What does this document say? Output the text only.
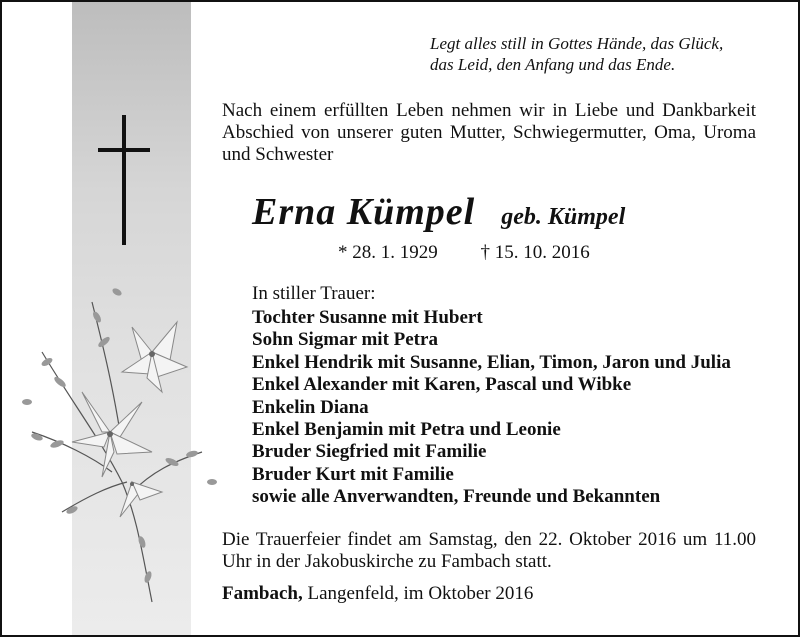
Legt alles still in Gottes Hände, das Glück,
das Leid, den Anfang und das Ende.
Nach einem erfüllten Leben nehmen wir in Liebe und Dankbarkeit Abschied von unserer guten Mutter, Schwiegermutter, Oma, Uroma und Schwester
Erna Kümpel geb. Kümpel
* 28. 1. 1929 † 15. 10. 2016
In stiller Trauer:
Tochter Susanne mit Hubert
Sohn Sigmar mit Petra
Enkel Hendrik mit Susanne, Elian, Timon, Jaron und Julia
Enkel Alexander mit Karen, Pascal und Wibke
Enkelin Diana
Enkel Benjamin mit Petra und Leonie
Bruder Siegfried mit Familie
Bruder Kurt mit Familie
sowie alle Anverwandten, Freunde und Bekannten
Die Trauerfeier findet am Samstag, den 22. Oktober 2016 um 11.00 Uhr in der Jakobuskirche zu Fambach statt.
Fambach, Langenfeld, im Oktober 2016
